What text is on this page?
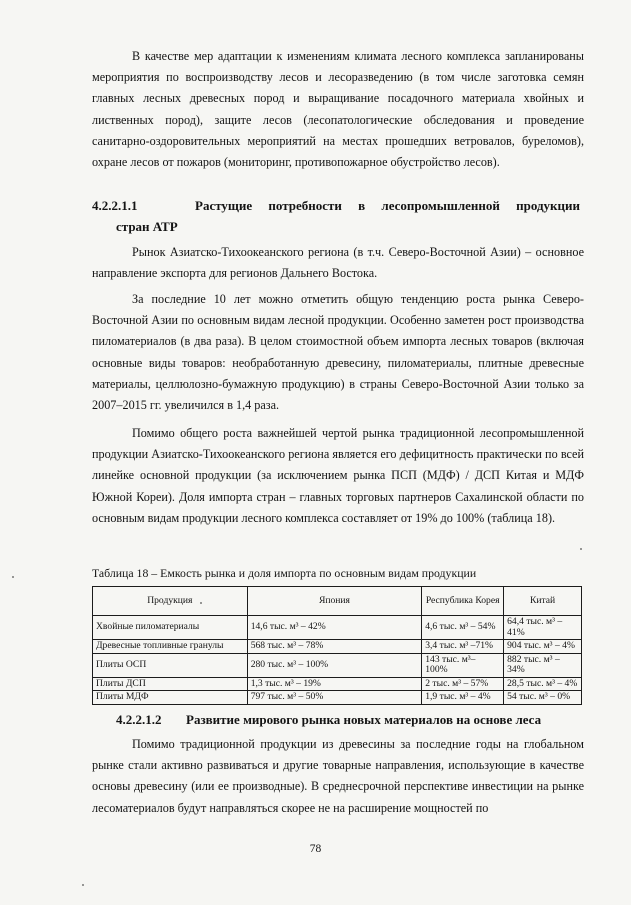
В качестве мер адаптации к изменениям климата лесного комплекса запланированы мероприятия по воспроизводству лесов и лесоразведению (в том числе заготовка семян главных лесных древесных пород и выращивание посадочного материала хвойных и лиственных пород), защите лесов (лесопатологические обследования и проведение санитарно-оздоровительных мероприятий на местах прошедших ветровалов, буреломов), охране лесов от пожаров (мониторинг, противопожарное обустройство лесов).

4.2.2.1.1	Растущие потребности в лесопромышленной продукции
стран АТР

Рынок Азиатско-Тихоокеанского региона (в т.ч. Северо-Восточной Азии) – основное направление экспорта для регионов Дальнего Востока.

За последние 10 лет можно отметить общую тенденцию роста рынка Северо-Восточной Азии по основным видам лесной продукции. Особенно заметен рост производства пиломатериалов (в два раза). В целом стоимостной объем импорта лесных товаров (включая основные виды товаров: необработанную древесину, пиломатериалы, плитные древесные материалы, целлюлозно-бумажную продукцию) в страны Северо-Восточной Азии только за 2007–2015 гг. увеличился в 1,4 раза.

Помимо общего роста важнейшей чертой рынка традиционной лесопромышленной продукции Азиатско-Тихоокеанского региона является его дефицитность практически по всей линейке основной продукции (за исключением рынка ПСП (МДФ) / ДСП Китая и МДФ Южной Кореи). Доля импорта стран – главных торговых партнеров Сахалинской области по основным видам продукции лесного комплекса составляет от 19% до 100% (таблица 18).

Таблица 18 – Емкость рынка и доля импорта по основным видам продукции

Продукция	Япония	Республика Корея	Китай
Хвойные пиломатериалы	14,6 тыс. м³ – 42%	4,6 тыс. м³ – 54%	64,4 тыс. м³ – 41%
Древесные топливные гранулы	568 тыс. м³ – 78%	3,4 тыс. м³ –71%	904 тыс. м³ – 4%
Плиты ОСП	280 тыс. м³ – 100%	143 тыс. м³– 100%	882 тыс. м³ – 34%
Плиты ДСП	1,3 тыс. м³ – 19%	2 тыс. м³ – 57%	28,5 тыс. м³ – 4%
Плиты МДФ	797 тыс. м³ – 50%	1,9 тыс. м³ – 4%	54 тыс. м³ – 0%
4.2.2.1.2 Развитие мирового рынка новых материалов на основе леса

Помимо традиционной продукции из древесины за последние годы на глобальном рынке стали активно развиваться и другие товарные направления, использующие в качестве основы древесину (или ее производные). В среднесрочной перспективе инвестиции на рынке лесоматериалов будут направляться скорее не на расширение мощностей по

78
